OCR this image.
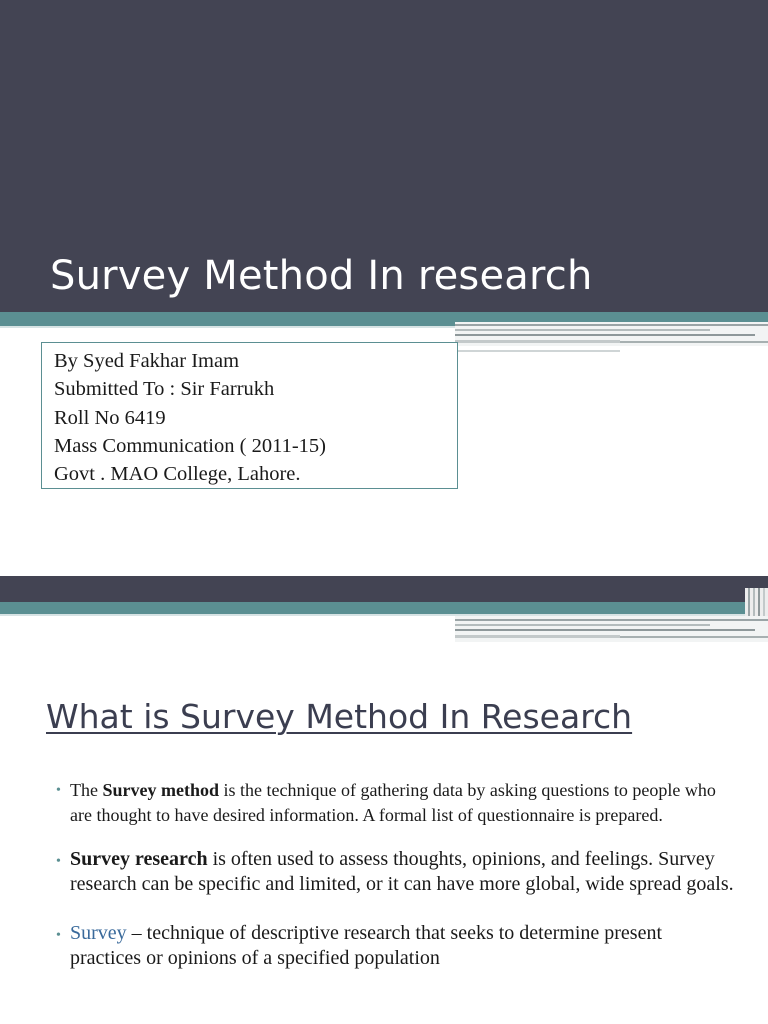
Survey Method In research
By Syed Fakhar Imam
Submitted To : Sir Farrukh
Roll No 6419
Mass Communication ( 2011-15)
Govt . MAO College, Lahore.
What is Survey Method In Research
• The Survey method is the technique of gathering data by asking questions to people who are thought to have desired information. A formal list of questionnaire is prepared.
• Survey research is often used to assess thoughts, opinions, and feelings. Survey research can be specific and limited, or it can have more global, wide spread goals.
• Survey – technique of descriptive research that seeks to determine present practices or opinions of a specified population
